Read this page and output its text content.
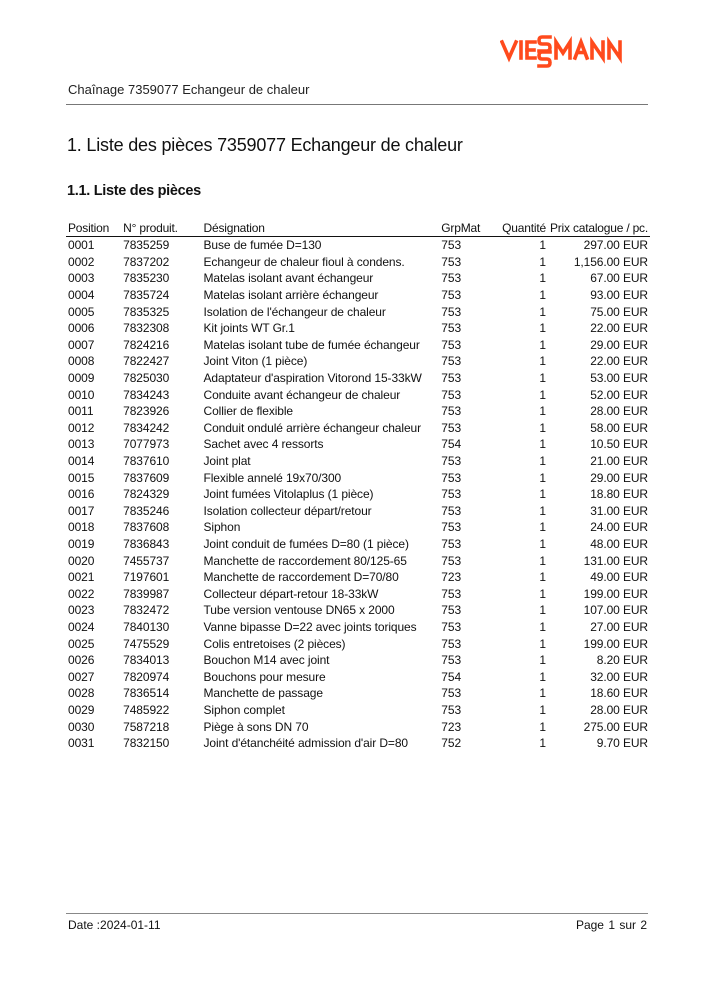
Chaînage 7359077 Echangeur de chaleur
1. Liste des pièces 7359077 Echangeur de chaleur
1.1. Liste des pièces
Position	N° produit.	Désignation	GrpMat	Quantité	Prix catalogue / pc.
0001	7835259	Buse de fumée D=130	753	1	297.00 EUR
0002	7837202	Echangeur de chaleur fioul à condens.	753	1	1,156.00 EUR
0003	7835230	Matelas isolant avant échangeur	753	1	67.00 EUR
0004	7835724	Matelas isolant arrière échangeur	753	1	93.00 EUR
0005	7835325	Isolation de l'échangeur de chaleur	753	1	75.00 EUR
0006	7832308	Kit joints WT Gr.1	753	1	22.00 EUR
0007	7824216	Matelas isolant tube de fumée échangeur	753	1	29.00 EUR
0008	7822427	Joint Viton (1 pièce)	753	1	22.00 EUR
0009	7825030	Adaptateur d'aspiration Vitorond 15-33kW	753	1	53.00 EUR
0010	7834243	Conduite avant échangeur de chaleur	753	1	52.00 EUR
0011	7823926	Collier de flexible	753	1	28.00 EUR
0012	7834242	Conduit ondulé arrière échangeur chaleur	753	1	58.00 EUR
0013	7077973	Sachet avec 4 ressorts	754	1	10.50 EUR
0014	7837610	Joint plat	753	1	21.00 EUR
0015	7837609	Flexible annelé 19x70/300	753	1	29.00 EUR
0016	7824329	Joint fumées Vitolaplus (1 pièce)	753	1	18.80 EUR
0017	7835246	Isolation collecteur départ/retour	753	1	31.00 EUR
0018	7837608	Siphon	753	1	24.00 EUR
0019	7836843	Joint conduit de fumées D=80 (1 pièce)	753	1	48.00 EUR
0020	7455737	Manchette de raccordement 80/125-65	753	1	131.00 EUR
0021	7197601	Manchette de raccordement D=70/80	723	1	49.00 EUR
0022	7839987	Collecteur départ-retour 18-33kW	753	1	199.00 EUR
0023	7832472	Tube version ventouse DN65 x 2000	753	1	107.00 EUR
0024	7840130	Vanne bipasse D=22 avec joints toriques	753	1	27.00 EUR
0025	7475529	Colis entretoises (2 pièces)	753	1	199.00 EUR
0026	7834013	Bouchon M14 avec joint	753	1	8.20 EUR
0027	7820974	Bouchons pour mesure	754	1	32.00 EUR
0028	7836514	Manchette de passage	753	1	18.60 EUR
0029	7485922	Siphon complet	753	1	28.00 EUR
0030	7587218	Piège à sons DN 70	723	1	275.00 EUR
0031	7832150	Joint d'étanchéité admission d'air D=80	752	1	9.70 EUR
Date :2024-01-11	Page 1 sur 2
